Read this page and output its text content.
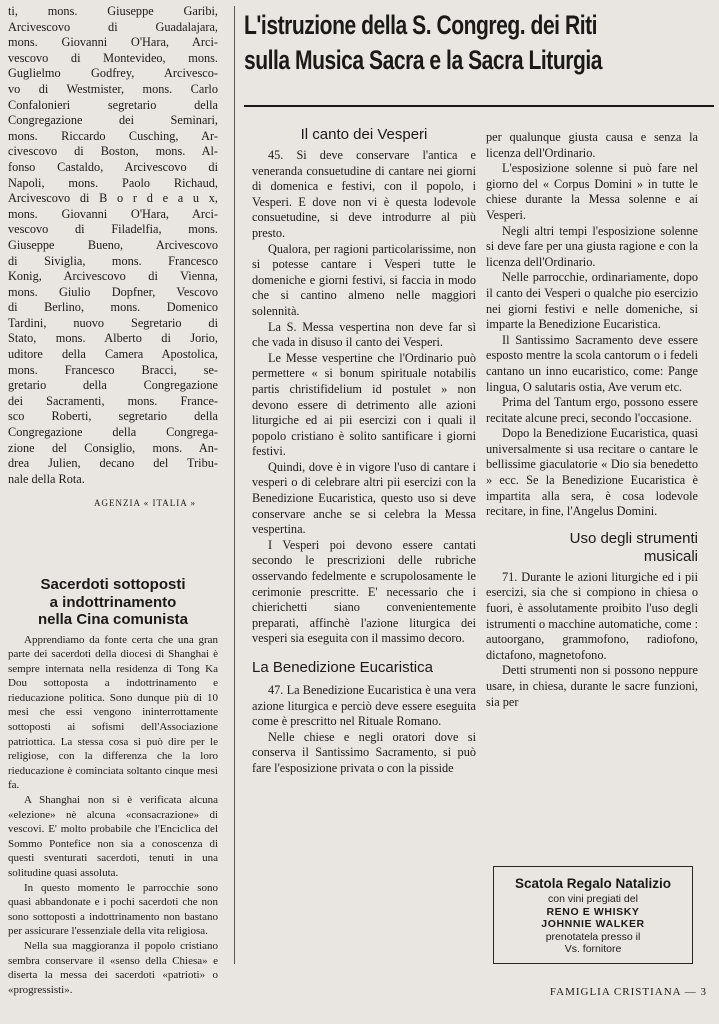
ti, mons. Giuseppe Garibi,
Arcivescovo di Guadalajara,
mons. Giovanni O'Hara, Arci-
vescovo di Montevideo, mons.
Guglielmo Godfrey, Arcivesco-
vo di Westmister, mons. Carlo
Confalonieri segretario della
Congregazione dei Seminari,
mons. Riccardo Cusching, Ar-
civescovo di Boston, mons. Al-
fonso Castaldo, Arcivescovo di
Napoli, mons. Paolo Richaud,
Arcivescovo di B o r d e a u x,
mons. Giovanni O'Hara, Arci-
vescovo di Filadelfia, mons.
Giuseppe Bueno, Arcivescovo
di Siviglia, mons. Francesco
Konig, Arcivescovo di Vienna,
mons. Giulio Dopfner, Vescovo
di Berlino, mons. Domenico
Tardini, nuovo Segretario di
Stato, mons. Alberto di Jorio,
uditore della Camera Apostolica,
mons. Francesco Bracci, se-
gretario della Congregazione
dei Sacramenti, mons. France-
sco Roberti, segretario della
Congregazione della Congrega-
zione del Consiglio, mons. An-
drea Julien, decano del Tribu-
nale della Rota.
AGENZIA « ITALIA »
Sacerdoti sottoposti
a indottrinamento
nella Cina comunista

Apprendiamo da fonte certa che una gran parte dei sacerdoti della diocesi di Shanghai è sempre internata nella residenza di Tong Ka Dou sottoposta a indottrinamento e rieducazione politica. Sono dunque più di 10 mesi che essi vengono ininterrottamente sottoposti ai sofismi dell'Associazione patriottica. La stessa cosa si può dire per le religiose, con la differenza che la loro rieducazione è cominciata soltanto cinque mesi fa.

A Shanghai non si è verificata alcuna «elezione» nè alcuna «consacrazione» di vescovi. E' molto probabile che l'Enciclica del Sommo Pontefice non sia a conoscenza di questi sventurati sacerdoti, tenuti in una solitudine quasi assoluta.

In questo momento le parrocchie sono quasi abbandonate e i pochi sacerdoti che non sono sottoposti a indottrinamento non bastano per assicurare l'essenziale della vita religiosa.

Nella sua maggioranza il popolo cristiano sembra conservare il «senso della Chiesa» e diserta la messa dei sacerdoti «patrioti» o «progressisti».

L'istruzione della S. Congreg. dei Riti
sulla Musica Sacra e la Sacra Liturgia
Il canto dei Vesperi

45. Si deve conservare l'antica e veneranda consuetudine di cantare nei giorni di domenica e festivi, con il popolo, i Vesperi. E dove non vi è questa lodevole consuetudine, si deve introdurre al più presto.

Qualora, per ragioni particolarissime, non si potesse cantare i Vesperi tutte le domeniche e giorni festivi, si faccia in modo che si cantino almeno nelle maggiori solennità.

La S. Messa vespertina non deve far sì che vada in disuso il canto dei Vesperi.

Le Messe vespertine che l'Ordinario può permettere « si bonum spirituale notabilis partis christifidelium id postulet » non devono essere di detrimento alle azioni liturgiche ed ai pii esercizi con i quali il popolo cristiano è solito santificare i giorni festivi.

Quindi, dove è in vigore l'uso di cantare i vesperi o di celebrare altri pii esercizi con la Benedizione Eucaristica, questo uso si deve conservare anche se si celebra la Messa vespertina.

I Vesperi poi devono essere cantati secondo le prescrizioni delle rubriche osservando fedelmente e scrupolosamente le cerimonie prescritte. E' necessario che i chierichetti siano convenientemente preparati, affinchè l'azione liturgica dei vesperi sia eseguita con il massimo decoro.

La Benedizione Eucaristica

47. La Benedizione Eucaristica è una vera azione liturgica e perciò deve essere eseguita come è prescritto nel Rituale Romano.

Nelle chiese e negli oratori dove si conserva il Santissimo Sacramento, si può fare l'esposizione privata o con la pisside

per qualunque giusta causa e senza la licenza dell'Ordinario.

L'esposizione solenne si può fare nel giorno del « Corpus Domini » in tutte le chiese durante la Messa solenne e ai Vesperi.

Negli altri tempi l'esposizione solenne si deve fare per una giusta ragione e con la licenza dell'Ordinario.

Nelle parrocchie, ordinariamente, dopo il canto dei Vesperi o qualche pio esercizio nei giorni festivi e nelle domeniche, si imparte la Benedizione Eucaristica.

Il Santissimo Sacramento deve essere esposto mentre la scola cantorum o i fedeli cantano un inno eucaristico, come: Pange lingua, O salutaris ostia, Ave verum etc.

Prima del Tantum ergo, possono essere recitate alcune preci, secondo l'occasione.

Dopo la Benedizione Eucaristica, quasi universalmente si usa recitare o cantare le bellissime giaculatorie « Dio sia benedetto » ecc. Se la Benedizione Eucaristica è impartita alla sera, è cosa lodevole recitare, in fine, l'Angelus Domini.

Uso degli strumenti
musicali

71. Durante le azioni liturgiche ed i pii esercizi, sia che si compiono in chiesa o fuori, è assolutamente proibito l'uso degli istrumenti o macchine automatiche, come : autoorgano, grammofono, radiofono, dictafono, magnetofono.

Detti strumenti non si possono neppure usare, in chiesa, durante le sacre funzioni, sia per

Scatola Regalo Natalizio
con vini pregiati del
RENO E WHISKY
JOHNNIE WALKER
prenotatela presso il
Vs. fornitore
FAMIGLIA CRISTIANA — 3
